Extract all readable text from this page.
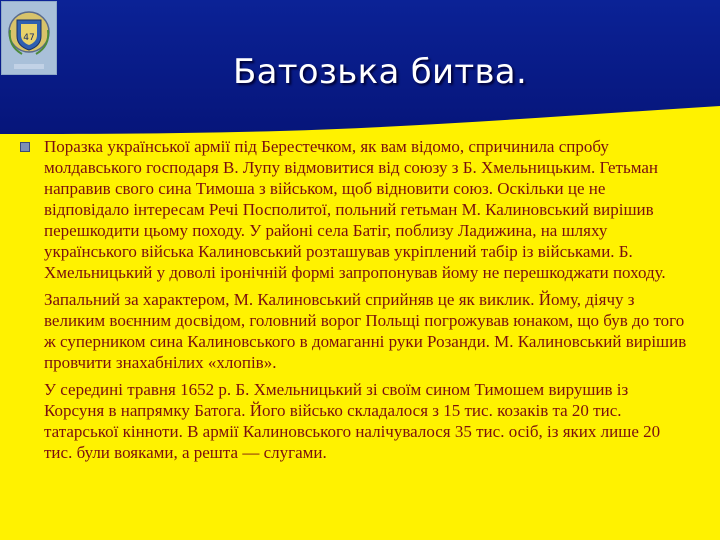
47
Батозька битва.

Поразка української армії під Берестечком, як вам відомо, спричинила спробу молдавського господаря В. Лупу відмовитися від союзу з Б. Хмельницьким. Гетьман направив свого сина Тимоша з військом, щоб відновити союз. Оскільки це не відповідало інтересам Речі Посполитої, польний гетьман М. Калиновський вирішив перешкодити цьому походу. У районі села Батіг, поблизу Ладижина, на шляху українського війська Калиновський розташував укріплений табір із військами. Б. Хмельницький у доволі іронічній формі запропонував йому не перешкоджати походу.

Запальний за характером, М. Калиновський сприйняв це як виклик. Йому, діячу з великим воєнним досвідом, головний ворог Польщі погрожував юнаком, що був до того ж суперником сина Калиновського в домаганні руки Розанди. М. Калиновський вирішив провчити знахабнілих «хлопів».

У середині травня 1652 р. Б. Хмельницький зі своїм сином Тимошем вирушив із Корсуня в напрямку Батога. Його військо складалося з 15 тис. козаків та 20 тис. татарської кінноти. В армії Калиновського налічувалося 35 тис. осіб, із яких лише 20 тис. були вояками, а решта — слугами.
